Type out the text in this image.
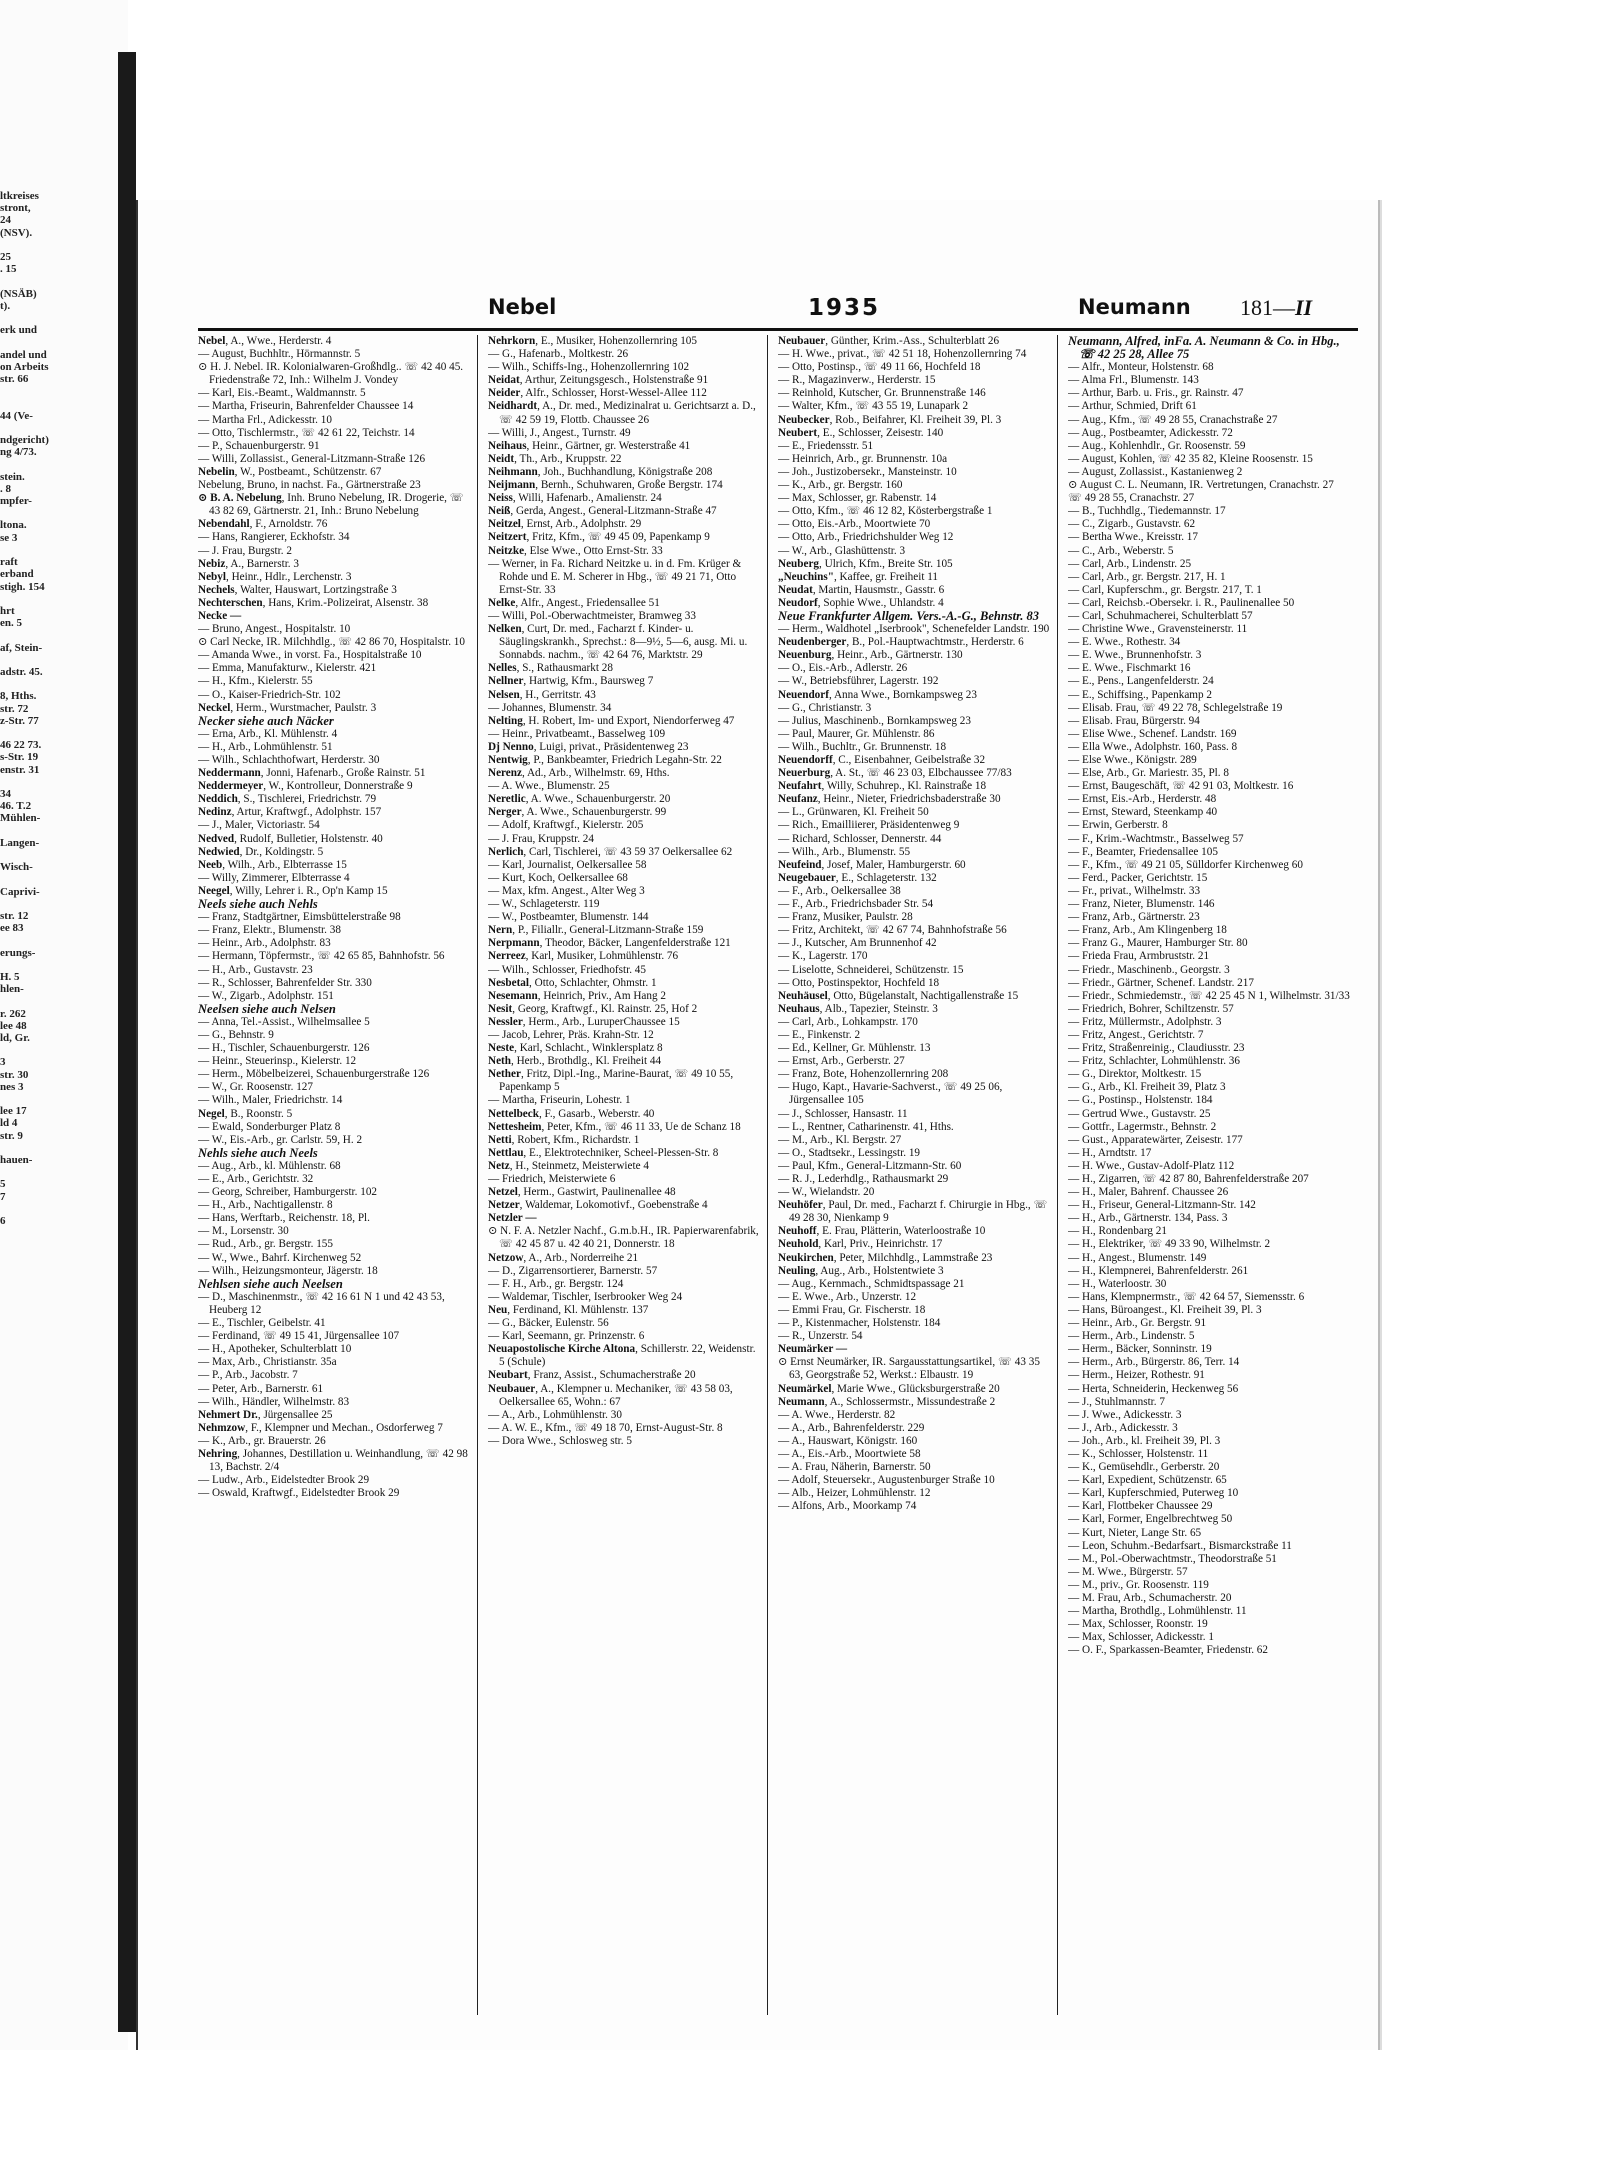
ltkreises
stront,
24
(NSV).

25
. 15

(NSÄB)
t).

erk und

andel und
on Arbeits
str. 66

44 (Ve-

ndgericht)
ng 4/73.

stein.
. 8
mpfer-

ltona.
se 3

raft
erband
stigh. 154

hrt
en. 5

af, Stein-

adstr. 45.

8, Hths.
str. 72
z-Str. 77

46 22 73.
s-Str. 19
enstr. 31

34
46. T.2
Mühlen-

Langen-

Wisch-

Caprivi-

str. 12
ee 83

erungs-

H. 5
hlen-

r. 262
lee 48
ld, Gr.

3
str. 30
nes 3

lee 17
ld 4
str. 9

hauen-

5
7

6
Nebel	1935	Neumann 181—II

Nebel, A., Wwe., Herderstr. 4

— August, Buchhltr., Hörmannstr. 5

⊙ H. J. Nebel. IR. Kolonialwaren-Großhdlg.. ☏ 42 40 45. Friedenstraße 72, Inh.: Wilhelm J. Vondey

— Karl, Eis.-Beamt., Waldmannstr. 5

— Martha, Friseurin, Bahrenfelder Chaussee 14

— Martha Frl., Adickesstr. 10

— Otto, Tischlermstr., ☏ 42 61 22, Teichstr. 14

— P., Schauenburgerstr. 91

— Willi, Zollassist., General-Litzmann-Straße 126

Nebelin, W., Postbeamt., Schützenstr. 67

Nebelung, Bruno, in nachst. Fa., Gärtnerstraße 23

⊙ B. A. Nebelung, Inh. Bruno Nebelung, IR. Drogerie, ☏ 43 82 69, Gärtnerstr. 21, Inh.: Bruno Nebelung

Nebendahl, F., Arnoldstr. 76

— Hans, Rangierer, Eckhofstr. 34

— J. Frau, Burgstr. 2

Nebiz, A., Barnerstr. 3

Nebyl, Heinr., Hdlr., Lerchenstr. 3

Nechels, Walter, Hauswart, Lortzingstraße 3

Nechterschen, Hans, Krim.-Polizeirat, Alsenstr. 38

Necke —

— Bruno, Angest., Hospitalstr. 10

⊙ Carl Necke, IR. Milchhdlg., ☏ 42 86 70, Hospitalstr. 10

— Amanda Wwe., in vorst. Fa., Hospitalstraße 10

— Emma, Manufakturw., Kielerstr. 421

— H., Kfm., Kielerstr. 55

— O., Kaiser-Friedrich-Str. 102

Neckel, Herm., Wurstmacher, Paulstr. 3

Necker siehe auch Näcker

— Erna, Arb., Kl. Mühlenstr. 4

— H., Arb., Lohmühlenstr. 51

— Wilh., Schlachthofwart, Herderstr. 30

Neddermann, Jonni, Hafenarb., Große Rainstr. 51

Neddermeyer, W., Kontrolleur, Donnerstraße 9

Neddich, S., Tischlerei, Friedrichstr. 79

Nedinz, Artur, Kraftwgf., Adolphstr. 157

— J., Maler, Victoriastr. 54

Nedved, Rudolf, Bulletier, Holstenstr. 40

Nedwied, Dr., Koldingstr. 5

Neeb, Wilh., Arb., Elbterrasse 15

— Willy, Zimmerer, Elbterrasse 4

Neegel, Willy, Lehrer i. R., Op'n Kamp 15

Neels siehe auch Nehls

— Franz, Stadtgärtner, Eimsbüttelerstraße 98

— Franz, Elektr., Blumenstr. 38

— Heinr., Arb., Adolphstr. 83

— Hermann, Töpfermstr., ☏ 42 65 85, Bahnhofstr. 56

— H., Arb., Gustavstr. 23

— R., Schlosser, Bahrenfelder Str. 330

— W., Zigarb., Adolphstr. 151

Neelsen siehe auch Nelsen

— Anna, Tel.-Assist., Wilhelmsallee 5

— G., Behnstr. 9

— H., Tischler, Schauenburgerstr. 126

— Heinr., Steuerinsp., Kielerstr. 12

— Herm., Möbelbeizerei, Schauenburgerstraße 126

— W., Gr. Roosenstr. 127

— Wilh., Maler, Friedrichstr. 14

Negel, B., Roonstr. 5

— Ewald, Sonderburger Platz 8

— W., Eis.-Arb., gr. Carlstr. 59, H. 2

Nehls siehe auch Neels

— Aug., Arb., kl. Mühlenstr. 68

— E., Arb., Gerichtstr. 32

— Georg, Schreiber, Hamburgerstr. 102

— H., Arb., Nachtigallenstr. 8

— Hans, Werftarb., Reichenstr. 18, Pl.

— M., Lorsenstr. 30

— Rud., Arb., gr. Bergstr. 155

— W., Wwe., Bahrf. Kirchenweg 52

— Wilh., Heizungsmonteur, Jägerstr. 18

Nehlsen siehe auch Neelsen

— D., Maschinenmstr., ☏ 42 16 61 N 1 und 42 43 53, Heuberg 12

— E., Tischler, Geibelstr. 41

— Ferdinand, ☏ 49 15 41, Jürgensallee 107

— H., Apotheker, Schulterblatt 10

— Max, Arb., Christianstr. 35a

— P., Arb., Jacobstr. 7

— Peter, Arb., Barnerstr. 61

— Wilh., Händler, Wilhelmstr. 83

Nehmert Dr., Jürgensallee 25

Nehmzow, F., Klempner und Mechan., Osdorferweg 7

— K., Arb., gr. Brauerstr. 26

Nehring, Johannes, Destillation u. Weinhandlung, ☏ 42 98 13, Bachstr. 2/4

— Ludw., Arb., Eidelstedter Brook 29

— Oswald, Kraftwgf., Eidelstedter Brook 29

Nehrkorn, E., Musiker, Hohenzollernring 105

— G., Hafenarb., Moltkestr. 26

— Wilh., Schiffs-Ing., Hohenzollernring 102

Neidat, Arthur, Zeitungsgesch., Holstenstraße 91

Neider, Alfr., Schlosser, Horst-Wessel-Allee 112

Neidhardt, A., Dr. med., Medizinalrat u. Gerichtsarzt a. D., ☏ 42 59 19, Flottb. Chaussee 26

— Willi, J., Angest., Turnstr. 49

Neihaus, Heinr., Gärtner, gr. Westerstraße 41

Neidt, Th., Arb., Kruppstr. 22

Neihmann, Joh., Buchhandlung, Königstraße 208

Neijmann, Bernh., Schuhwaren, Große Bergstr. 174

Neiss, Willi, Hafenarb., Amalienstr. 24

Neiß, Gerda, Angest., General-Litzmann-Straße 47

Neitzel, Ernst, Arb., Adolphstr. 29

Neitzert, Fritz, Kfm., ☏ 49 45 09, Papenkamp 9

Neitzke, Else Wwe., Otto Ernst-Str. 33

— Werner, in Fa. Richard Neitzke u. in d. Fm. Krüger & Rohde und E. M. Scherer in Hbg., ☏ 49 21 71, Otto Ernst-Str. 33

Nelke, Alfr., Angest., Friedensallee 51

— Willi, Pol.-Oberwachtmeister, Bramweg 33

Nelken, Curt, Dr. med., Facharzt f. Kinder- u. Säuglingskrankh., Sprechst.: 8—9½, 5—6, ausg. Mi. u. Sonnabds. nachm., ☏ 42 64 76, Marktstr. 29

Nelles, S., Rathausmarkt 28

Nellner, Hartwig, Kfm., Baursweg 7

Nelsen, H., Gerritstr. 43

— Johannes, Blumenstr. 34

Nelting, H. Robert, Im- und Export, Niendorferweg 47

— Heinr., Privatbeamt., Basselweg 109

Dj Nenno, Luigi, privat., Präsidentenweg 23

Nentwig, P., Bankbeamter, Friedrich Legahn-Str. 22

Nerenz, Ad., Arb., Wilhelmstr. 69, Hths.

— A. Wwe., Blumenstr. 25

Neretlic, A. Wwe., Schauenburgerstr. 20

Nerger, A. Wwe., Schauenburgerstr. 99

— Adolf, Kraftwgf., Kielerstr. 205

— J. Frau, Kruppstr. 24

Nerlich, Carl, Tischlerei, ☏ 43 59 37 Oelkersallee 62

— Karl, Journalist, Oelkersallee 58

— Kurt, Koch, Oelkersallee 68

— Max, kfm. Angest., Alter Weg 3

— W., Schlageterstr. 119

— W., Postbeamter, Blumenstr. 144

Nern, P., Filiallr., General-Litzmann-Straße 159

Nerpmann, Theodor, Bäcker, Langenfelderstraße 121

Nerreez, Karl, Musiker, Lohmühlenstr. 76

— Wilh., Schlosser, Friedhofstr. 45

Nesbetal, Otto, Schlachter, Ohmstr. 1

Nesemann, Heinrich, Priv., Am Hang 2

Nesit, Georg, Kraftwgf., Kl. Rainstr. 25, Hof 2

Nessler, Herm., Arb., LuruperChaussee 15

— Jacob, Lehrer, Präs. Krahn-Str. 12

Neste, Karl, Schlacht., Winklersplatz 8

Neth, Herb., Brothdlg., Kl. Freiheit 44

Nether, Fritz, Dipl.-Ing., Marine-Baurat, ☏ 49 10 55, Papenkamp 5

— Martha, Friseurin, Lohestr. 1

Nettelbeck, F., Gasarb., Weberstr. 40

Nettesheim, Peter, Kfm., ☏ 46 11 33, Ue de Schanz 18

Netti, Robert, Kfm., Richardstr. 1

Nettlau, E., Elektrotechniker, Scheel-Plessen-Str. 8

Netz, H., Steinmetz, Meisterwiete 4

— Friedrich, Meisterwiete 6

Netzel, Herm., Gastwirt, Paulinenallee 48

Netzer, Waldemar, Lokomotivf., Goebenstraße 4

Netzler —

⊙ N. F. A. Netzler Nachf., G.m.b.H., IR. Papierwarenfabrik, ☏ 42 45 87 u. 42 40 21, Donnerstr. 18

Netzow, A., Arb., Norderreihe 21

— D., Zigarrensortierer, Barnerstr. 57

— F. H., Arb., gr. Bergstr. 124

— Waldemar, Tischler, Iserbrooker Weg 24

Neu, Ferdinand, Kl. Mühlenstr. 137

— G., Bäcker, Eulenstr. 56

— Karl, Seemann, gr. Prinzenstr. 6

Neuapostolische Kirche Altona, Schillerstr. 22, Weidenstr. 5 (Schule)

Neubart, Franz, Assist., Schumacherstraße 20

Neubauer, A., Klempner u. Mechaniker, ☏ 43 58 03, Oelkersallee 65, Wohn.: 67

— A., Arb., Lohmühlenstr. 30

— A. W. E., Kfm., ☏ 49 18 70, Ernst-August-Str. 8

— Dora Wwe., Schlosweg str. 5

Neubauer, Günther, Krim.-Ass., Schulterblatt 26

— H. Wwe., privat., ☏ 42 51 18, Hohenzollernring 74

— Otto, Postinsp., ☏ 49 11 66, Hochfeld 18

— R., Magazinverw., Herderstr. 15

— Reinhold, Kutscher, Gr. Brunnenstraße 146

— Walter, Kfm., ☏ 43 55 19, Lunapark 2

Neubecker, Rob., Beifahrer, Kl. Freiheit 39, Pl. 3

Neubert, E., Schlosser, Zeisestr. 140

— E., Friedensstr. 51

— Heinrich, Arb., gr. Brunnenstr. 10a

— Joh., Justizobersekr., Mansteinstr. 10

— K., Arb., gr. Bergstr. 160

— Max, Schlosser, gr. Rabenstr. 14

— Otto, Kfm., ☏ 46 12 82, Kösterbergstraße 1

— Otto, Eis.-Arb., Moortwiete 70

— Otto, Arb., Friedrichshulder Weg 12

— W., Arb., Glashüttenstr. 3

Neuberg, Ulrich, Kfm., Breite Str. 105

„Neuchins", Kaffee, gr. Freiheit 11

Neudat, Martin, Hausmstr., Gasstr. 6

Neudorf, Sophie Wwe., Uhlandstr. 4

Neue Frankfurter Allgem. Vers.-A.-G., Behnstr. 83

— Herm., Waldhotel „Iserbrook", Schenefelder Landstr. 190

Neudenberger, B., Pol.-Hauptwachtmstr., Herderstr. 6

Neuenburg, Heinr., Arb., Gärtnerstr. 130

— O., Eis.-Arb., Adlerstr. 26

— W., Betriebsführer, Lagerstr. 192

Neuendorf, Anna Wwe., Bornkampsweg 23

— G., Christianstr. 3

— Julius, Maschinenb., Bornkampsweg 23

— Paul, Maurer, Gr. Mühlenstr. 86

— Wilh., Buchltr., Gr. Brunnenstr. 18

Neuendorff, C., Eisenbahner, Geibelstraße 32

Neuerburg, A. St., ☏ 46 23 03, Elbchaussee 77/83

Neufahrt, Willy, Schuhrep., Kl. Rainstraße 18

Neufanz, Heinr., Nieter, Friedrichsbaderstraße 30

— L., Grünwaren, Kl. Freiheit 50

— Rich., Emailliierer, Präsidentenweg 9

— Richard, Schlosser, Dennerstr. 44

— Wilh., Arb., Blumenstr. 55

Neufeind, Josef, Maler, Hamburgerstr. 60

Neugebauer, E., Schlageterstr. 132

— F., Arb., Oelkersallee 38

— F., Arb., Friedrichsbader Str. 54

— Franz, Musiker, Paulstr. 28

— Fritz, Architekt, ☏ 42 67 74, Bahnhofstraße 56

— J., Kutscher, Am Brunnenhof 42

— K., Lagerstr. 170

— Liselotte, Schneiderei, Schützenstr. 15

— Otto, Postinspektor, Hochfeld 18

Neuhäusel, Otto, Bügelanstalt, Nachtigallenstraße 15

Neuhaus, Alb., Tapezier, Steinstr. 3

— Carl, Arb., Lohkampstr. 170

— E., Finkenstr. 2

— Ed., Kellner, Gr. Mühlenstr. 13

— Ernst, Arb., Gerberstr. 27

— Franz, Bote, Hohenzollernring 208

— Hugo, Kapt., Havarie-Sachverst., ☏ 49 25 06, Jürgensallee 105

— J., Schlosser, Hansastr. 11

— L., Rentner, Catharinenstr. 41, Hths.

— M., Arb., Kl. Bergstr. 27

— O., Stadtsekr., Lessingstr. 19

— Paul, Kfm., General-Litzmann-Str. 60

— R. J., Lederhdlg., Rathausmarkt 29

— W., Wielandstr. 20

Neuhöfer, Paul, Dr. med., Facharzt f. Chirurgie in Hbg., ☏ 49 28 30, Nienkamp 9

Neuhoff, E. Frau, Plätterin, Waterloostraße 10

Neuhold, Karl, Priv., Heinrichstr. 17

Neukirchen, Peter, Milchhdlg., Lammstraße 23

Neuling, Aug., Arb., Holstentwiete 3

— Aug., Kernmach., Schmidtspassage 21

— E. Wwe., Arb., Unzerstr. 12

— Emmi Frau, Gr. Fischerstr. 18

— P., Kistenmacher, Holstenstr. 184

— R., Unzerstr. 54

Neumärker —

⊙ Ernst Neumärker, IR. Sargausstattungsartikel, ☏ 43 35 63, Georgstraße 52, Werkst.: Elbaustr. 19

Neumärkel, Marie Wwe., Glücksburgerstraße 20

Neumann, A., Schlossermstr., Missundestraße 2

— A. Wwe., Herderstr. 82

— A., Arb., Bahrenfelderstr. 229

— A., Hauswart, Königstr. 160

— A., Eis.-Arb., Moortwiete 58

— A. Frau, Näherin, Barnerstr. 50

— Adolf, Steuersekr., Augustenburger Straße 10

— Alb., Heizer, Lohmühlenstr. 12

— Alfons, Arb., Moorkamp 74

Neumann, Alfred, inFa. A. Neumann & Co. in Hbg., ☏ 42 25 28, Allee 75

— Alfr., Monteur, Holstenstr. 68

— Alma Frl., Blumenstr. 143

— Arthur, Barb. u. Fris., gr. Rainstr. 47

— Arthur, Schmied, Drift 61

— Aug., Kfm., ☏ 49 28 55, Cranachstraße 27

— Aug., Postbeamter, Adickesstr. 72

— Aug., Kohlenhdlr., Gr. Roosenstr. 59

— August, Kohlen, ☏ 42 35 82, Kleine Roosenstr. 15

— August, Zollassist., Kastanienweg 2

⊙ August C. L. Neumann, IR. Vertretungen, Cranachstr. 27

☏ 49 28 55, Cranachstr. 27

— B., Tuchhdlg., Tiedemannstr. 17

— C., Zigarb., Gustavstr. 62

— Bertha Wwe., Kreisstr. 17

— C., Arb., Weberstr. 5

— Carl, Arb., Lindenstr. 25

— Carl, Arb., gr. Bergstr. 217, H. 1

— Carl, Kupferschm., gr. Bergstr. 217, T. 1

— Carl, Reichsb.-Obersekr. i. R., Paulinenallee 50

— Carl, Schuhmacherei, Schulterblatt 57

— Christine Wwe., Gravensteinerstr. 11

— E. Wwe., Rothestr. 34

— E. Wwe., Brunnenhofstr. 3

— E. Wwe., Fischmarkt 16

— E., Pens., Langenfelderstr. 24

— E., Schiffsing., Papenkamp 2

— Elisab. Frau, ☏ 49 22 78, Schlegelstraße 19

— Elisab. Frau, Bürgerstr. 94

— Elise Wwe., Schenef. Landstr. 169

— Ella Wwe., Adolphstr. 160, Pass. 8

— Else Wwe., Königstr. 289

— Else, Arb., Gr. Mariestr. 35, Pl. 8

— Ernst, Baugeschäft, ☏ 42 91 03, Moltkestr. 16

— Ernst, Eis.-Arb., Herderstr. 48

— Ernst, Steward, Steenkamp 40

— Erwin, Gerberstr. 8

— F., Krim.-Wachtmstr., Basselweg 57

— F., Beamter, Friedensallee 105

— F., Kfm., ☏ 49 21 05, Sülldorfer Kirchenweg 60

— Ferd., Packer, Gerichtstr. 15

— Fr., privat., Wilhelmstr. 33

— Franz, Nieter, Blumenstr. 146

— Franz, Arb., Gärtnerstr. 23

— Franz, Arb., Am Klingenberg 18

— Franz G., Maurer, Hamburger Str. 80

— Frieda Frau, Armbruststr. 21

— Friedr., Maschinenb., Georgstr. 3

— Friedr., Gärtner, Schenef. Landstr. 217

— Friedr., Schmiedemstr., ☏ 42 25 45 N 1, Wilhelmstr. 31/33

— Friedrich, Bohrer, Schiltzenstr. 57

— Fritz, Müllermstr., Adolphstr. 3

— Fritz, Angest., Gerichtstr. 7

— Fritz, Straßenreinig., Claudiusstr. 23

— Fritz, Schlachter, Lohmühlenstr. 36

— G., Direktor, Moltkestr. 15

— G., Arb., Kl. Freiheit 39, Platz 3

— G., Postinsp., Holstenstr. 184

— Gertrud Wwe., Gustavstr. 25

— Gottfr., Lagermstr., Behnstr. 2

— Gust., Apparatewärter, Zeisestr. 177

— H., Arndtstr. 17

— H. Wwe., Gustav-Adolf-Platz 112

— H., Zigarren, ☏ 42 87 80, Bahrenfelderstraße 207

— H., Maler, Bahrenf. Chaussee 26

— H., Friseur, General-Litzmann-Str. 142

— H., Arb., Gärtnerstr. 134, Pass. 3

— H., Rondenbarg 21

— H., Elektriker, ☏ 49 33 90, Wilhelmstr. 2

— H., Angest., Blumenstr. 149

— H., Klempnerei, Bahrenfelderstr. 261

— H., Waterloostr. 30

— Hans, Klempnermstr., ☏ 42 64 57, Siemensstr. 6

— Hans, Büroangest., Kl. Freiheit 39, Pl. 3

— Heinr., Arb., Gr. Bergstr. 91

— Herm., Arb., Lindenstr. 5

— Herm., Bäcker, Sonninstr. 19

— Herm., Arb., Bürgerstr. 86, Terr. 14

— Herm., Heizer, Rothestr. 91

— Herta, Schneiderin, Heckenweg 56

— J., Stuhlmannstr. 7

— J. Wwe., Adickesstr. 3

— J., Arb., Adickesstr. 3

— Joh., Arb., kl. Freiheit 39, Pl. 3

— K., Schlosser, Holstenstr. 11

— K., Gemüsehdlr., Gerberstr. 20

— Karl, Expedient, Schützenstr. 65

— Karl, Kupferschmied, Puterweg 10

— Karl, Flottbeker Chaussee 29

— Karl, Former, Engelbrechtweg 50

— Kurt, Nieter, Lange Str. 65

— Leon, Schuhm.-Bedarfsart., Bismarckstraße 11

— M., Pol.-Oberwachtmstr., Theodorstraße 51

— M. Wwe., Bürgerstr. 57

— M., priv., Gr. Roosenstr. 119

— M. Frau, Arb., Schumacherstr. 20

— Martha, Brothdlg., Lohmühlenstr. 11

— Max, Schlosser, Roonstr. 19

— Max, Schlosser, Adickesstr. 1

— O. F., Sparkassen-Beamter, Friedenstr. 62
